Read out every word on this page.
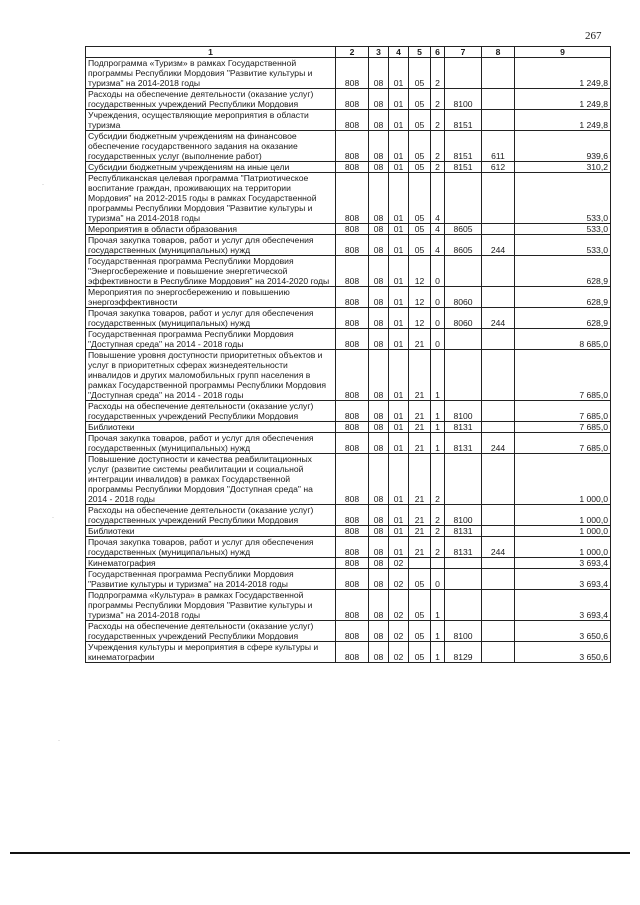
267
1	2	3	4	5	6	7	8	9
Подпрограмма «Туризм» в рамках Государственной программы Республики Мордовия "Развитие культуры и туризма" на 2014-2018 годы	808	08	01	05	2			1 249,8
Расходы на обеспечение деятельности (оказание услуг) государственных учреждений Республики Мордовия	808	08	01	05	2	8100		1 249,8
Учреждения, осуществляющие мероприятия в области туризма	808	08	01	05	2	8151		1 249,8
Субсидии бюджетным учреждениям на финансовое обеспечение государственного задания на оказание государственных услуг (выполнение работ)	808	08	01	05	2	8151	611	939,6
Субсидии бюджетным учреждениям на иные цели	808	08	01	05	2	8151	612	310,2
Республиканская целевая программа "Патриотическое воспитание граждан, проживающих на территории Мордовия" на 2012-2015 годы в рамках Государственной программы Республики Мордовия "Развитие культуры и туризма" на 2014-2018 годы	808	08	01	05	4			533,0
Мероприятия в области образования	808	08	01	05	4	8605		533,0
Прочая закупка товаров, работ и услуг для обеспечения государственных (муниципальных) нужд	808	08	01	05	4	8605	244	533,0
Государственная программа Республики Мордовия "Энергосбережение и повышение энергетической эффективности в Республике Мордовия" на 2014-2020 годы	808	08	01	12	0			628,9
Мероприятия по энергосбережению и повышению энергоэффективности	808	08	01	12	0	8060		628,9
Прочая закупка товаров, работ и услуг для обеспечения государственных (муниципальных) нужд	808	08	01	12	0	8060	244	628,9
Государственная программа Республики Мордовия "Доступная среда" на 2014 - 2018 годы	808	08	01	21	0			8 685,0
Повышение уровня доступности приоритетных объектов и услуг в приоритетных сферах жизнедеятельности инвалидов и других маломобильных групп населения в рамках Государственной программы Республики Мордовия "Доступная среда" на 2014 - 2018 годы	808	08	01	21	1			7 685,0
Расходы на обеспечение деятельности (оказание услуг) государственных учреждений Республики Мордовия	808	08	01	21	1	8100		7 685,0
Библиотеки	808	08	01	21	1	8131		7 685,0
Прочая закупка товаров, работ и услуг для обеспечения государственных (муниципальных) нужд	808	08	01	21	1	8131	244	7 685,0
Повышение доступности и качества реабилитационных услуг (развитие системы реабилитации и социальной интеграции инвалидов) в рамках Государственной программы Республики Мордовия "Доступная среда" на 2014 - 2018 годы	808	08	01	21	2			1 000,0
Расходы на обеспечение деятельности (оказание услуг) государственных учреждений Республики Мордовия	808	08	01	21	2	8100		1 000,0
Библиотеки	808	08	01	21	2	8131		1 000,0
Прочая закупка товаров, работ и услуг для обеспечения государственных (муниципальных) нужд	808	08	01	21	2	8131	244	1 000,0
Кинематография	808	08	02					3 693,4
Государственная программа Республики Мордовия "Развитие культуры и туризма" на 2014-2018 годы	808	08	02	05	0			3 693,4
Подпрограмма «Культура» в рамках Государственной программы Республики Мордовия "Развитие культуры и туризма" на 2014-2018 годы	808	08	02	05	1			3 693,4
Расходы на обеспечение деятельности (оказание услуг) государственных учреждений Республики Мордовия	808	08	02	05	1	8100		3 650,6
Учреждения культуры и мероприятия в сфере культуры и кинематографии	808	08	02	05	1	8129		3 650,6
·
·
·
